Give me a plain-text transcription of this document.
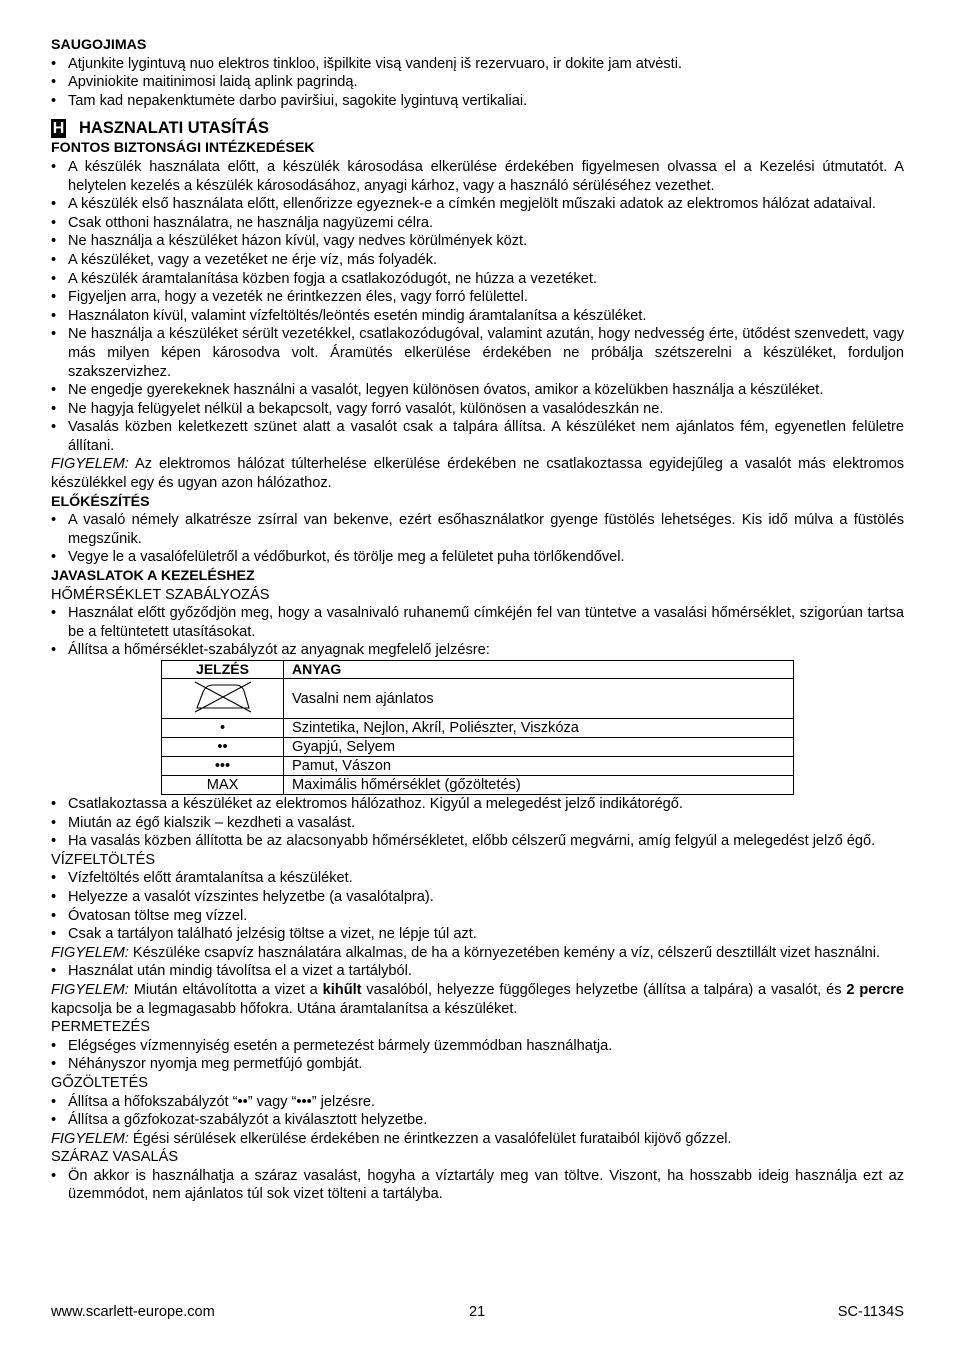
SAUGOJIMAS

• Atjunkite lygintuvą nuo elektros tinkloo, išpilkite visą vandenį iš rezervuaro, ir dokite jam atvėsti.
• Apviniokite maitinimosi laidą aplink pagrindą.
• Tam kad nepakenktumėte darbo paviršiui, sagokite lygintuvą vertikaliai.
H HASZNALATI UTASÍTÁS

FONTOS BIZTONSÁGI INTÉZKEDÉSEK

• A készülék használata előtt, a készülék károsodása elkerülése érdekében figyelmesen olvassa el a Kezelési útmutatót. A helytelen kezelés a készülék károsodásához, anyagi kárhoz, vagy a használó sérüléséhez vezethet.
• A készülék első használata előtt, ellenőrizze egyeznek-e a címkén megjelölt műszaki adatok az elektromos hálózat adataival.
• Csak otthoni használatra, ne használja nagyüzemi célra.
• Ne használja a készüléket házon kívül, vagy nedves körülmények közt.
• A készüléket, vagy a vezetéket ne érje víz, más folyadék.
• A készülék áramtalanítása közben fogja a csatlakozódugót, ne húzza a vezetéket.
• Figyeljen arra, hogy a vezeték ne érintkezzen éles, vagy forró felülettel.
• Használaton kívül, valamint vízfeltöltés/leöntés esetén mindig áramtalanítsa a készüléket.
• Ne használja a készüléket sérült vezetékkel, csatlakozódugóval, valamint azután, hogy nedvesség érte, ütődést szenvedett, vagy más milyen képen károsodva volt. Áramütés elkerülése érdekében ne próbálja szétszerelni a készüléket, forduljon szakszervizhez.
• Ne engedje gyerekeknek használni a vasalót, legyen különösen óvatos, amikor a közelükben használja a készüléket.
• Ne hagyja felügyelet nélkül a bekapcsolt, vagy forró vasalót, különösen a vasalódeszkán ne.
• Vasalás közben keletkezett szünet alatt a vasalót csak a talpára állítsa. A készüléket nem ajánlatos fém, egyenetlen felületre állítani.

FIGYELEM: Az elektromos hálózat túlterhelése elkerülése érdekében ne csatlakoztassa egyidejűleg a vasalót más elektromos készülékkel egy és ugyan azon hálózathoz.

ELŐKÉSZÍTÉS

• A vasaló némely alkatrésze zsírral van bekenve, ezért esőhasználatkor gyenge füstölés lehetséges. Kis idő múlva a füstölés megszűnik.
• Vegye le a vasalófelületről a védőburkot, és törölje meg a felületet puha törlőkendővel.

JAVASLATOK A KEZELÉSHEZ

HŐMÉRSÉKLET SZABÁLYOZÁS

• Használat előtt győződjön meg, hogy a vasalnivaló ruhanemű címkéjén fel van tüntetve a vasalási hőmérséklet, szigorúan tartsa be a feltüntetett utasításokat.
• Állítsa a hőmérséklet-szabályzót az anyagnak megfelelő jelzésre:
JELZÉS	ANYAG
	Vasalni nem ajánlatos
•	Szintetika, Nejlon, Akríl, Poliészter, Viszkóza
••	Gyapjú, Selyem
•••	Pamut, Vászon
MAX	Maximális hőmérséklet (gőzöltetés)
• Csatlakoztassa a készüléket az elektromos hálózathoz. Kigyúl a melegedést jelző indikátorégő.
• Miután az égő kialszik – kezdheti a vasalást.
• Ha vasalás közben állította be az alacsonyabb hőmérsékletet, előbb célszerű megvárni, amíg felgyúl a melegedést jelző égő.

VÍZFELTÖLTÉS

• Vízfeltöltés előtt áramtalanítsa a készüléket.
• Helyezze a vasalót vízszintes helyzetbe (a vasalótalpra).
• Óvatosan töltse meg vízzel.
• Csak a tartályon található jelzésig töltse a vizet, ne lépje túl azt.

FIGYELEM: Készüléke csapvíz használatára alkalmas, de ha a környezetében kemény a víz, célszerű desztillált vizet használni.

• Használat után mindig távolítsa el a vizet a tartályból.

FIGYELEM: Miután eltávolította a vizet a kihűlt vasalóból, helyezze függőleges helyzetbe (állítsa a talpára) a vasalót, és 2 percre kapcsolja be a legmagasabb hőfokra. Utána áramtalanítsa a készüléket.

PERMETEZÉS

• Elégséges vízmennyiség esetén a permetezést bármely üzemmódban használhatja.
• Néhányszor nyomja meg permetfújó gombját.

GŐZÖLTETÉS

• Állítsa a hőfokszabályzót “••” vagy “•••” jelzésre.
• Állítsa a gőzfokozat-szabályzót a kiválasztott helyzetbe.

FIGYELEM: Égési sérülések elkerülése érdekében ne érintkezzen a vasalófelület furataiból kijövő gőzzel.

SZÁRAZ VASALÁS

• Ön akkor is használhatja a száraz vasalást, hogyha a víztartály meg van töltve. Viszont, ha hosszabb ideig használja ezt az üzemmódot, nem ajánlatos túl sok vizet tölteni a tartályba.
www.scarlett-europe.com	21	SC-1134S
